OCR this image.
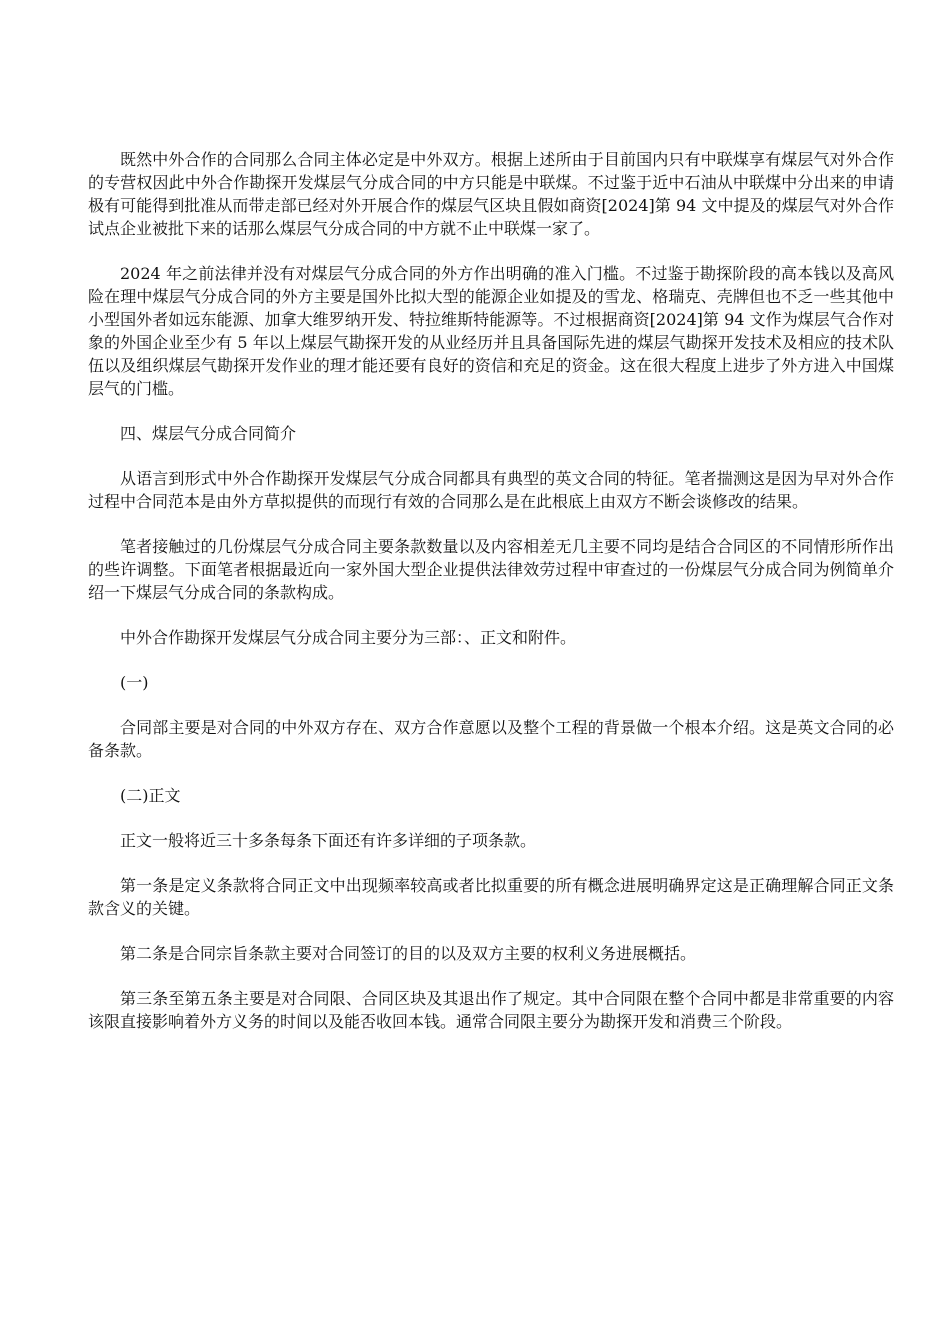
既然中外合作的合同那么合同主体必定是中外双方。根据上述所由于目前国内只有中联煤享有煤层气对外合作的专营权因此中外合作勘探开发煤层气分成合同的中方只能是中联煤。不过鉴于近中石油从中联煤中分出来的申请极有可能得到批准从而带走部已经对外开展合作的煤层气区块且假如商资[2024]第 94 文中提及的煤层气对外合作试点企业被批下来的话那么煤层气分成合同的中方就不止中联煤一家了。

2024 年之前法律并没有对煤层气分成合同的外方作出明确的准入门槛。不过鉴于勘探阶段的高本钱以及高风险在理中煤层气分成合同的外方主要是国外比拟大型的能源企业如提及的雪龙、格瑞克、壳牌但也不乏一些其他中小型国外者如远东能源、加拿大维罗纳开发、特拉维斯特能源等。不过根据商资[2024]第 94 文作为煤层气合作对象的外国企业至少有 5 年以上煤层气勘探开发的从业经历并且具备国际先进的煤层气勘探开发技术及相应的技术队伍以及组织煤层气勘探开发作业的理才能还要有良好的资信和充足的资金。这在很大程度上进步了外方进入中国煤层气的门槛。

四、煤层气分成合同简介

从语言到形式中外合作勘探开发煤层气分成合同都具有典型的英文合同的特征。笔者揣测这是因为早对外合作过程中合同范本是由外方草拟提供的而现行有效的合同那么是在此根底上由双方不断会谈修改的结果。

笔者接触过的几份煤层气分成合同主要条款数量以及内容相差无几主要不同均是结合合同区的不同情形所作出的些许调整。下面笔者根据最近向一家外国大型企业提供法律效劳过程中审查过的一份煤层气分成合同为例简单介绍一下煤层气分成合同的条款构成。

中外合作勘探开发煤层气分成合同主要分为三部：、正文和附件。

(一)

合同部主要是对合同的中外双方存在、双方合作意愿以及整个工程的背景做一个根本介绍。这是英文合同的必备条款。

(二)正文

正文一般将近三十多条每条下面还有许多详细的子项条款。

第一条是定义条款将合同正文中出现频率较高或者比拟重要的所有概念进展明确界定这是正确理解合同正文条款含义的关键。

第二条是合同宗旨条款主要对合同签订的目的以及双方主要的权利义务进展概括。

第三条至第五条主要是对合同限、合同区块及其退出作了规定。其中合同限在整个合同中都是非常重要的内容该限直接影响着外方义务的时间以及能否收回本钱。通常合同限主要分为勘探开发和消费三个阶段。
